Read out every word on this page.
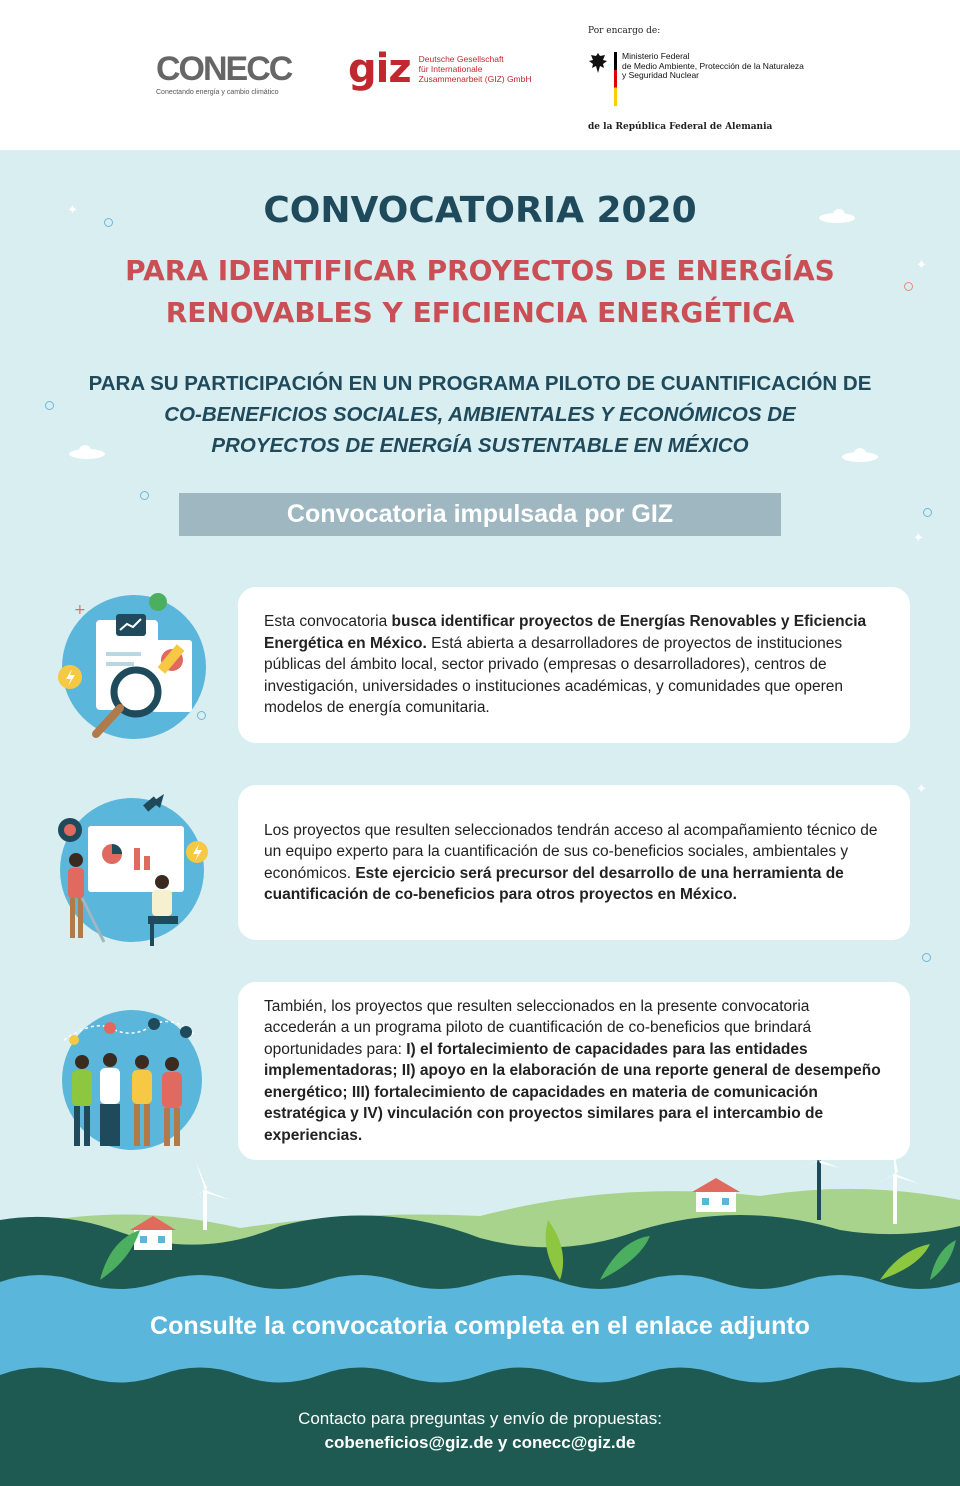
CONECC
Conectando energía y cambio climático
giz Deutsche Gesellschaft
für Internationale
Zusammenarbeit (GIZ) GmbH
Por encargo de:
Ministerio Federal
de Medio Ambiente, Protección de la Naturaleza
y Seguridad Nuclear
de la República Federal de Alemania
✦
✦
✦
✦
CONVOCATORIA 2020
PARA IDENTIFICAR PROYECTOS DE ENERGÍAS
RENOVABLES Y EFICIENCIA ENERGÉTICA
PARA SU PARTICIPACIÓN EN UN PROGRAMA PILOTO DE CUANTIFICACIÓN DE
CO-BENEFICIOS SOCIALES, AMBIENTALES Y ECONÓMICOS DE
PROYECTOS DE ENERGÍA SUSTENTABLE EN MÉXICO
Convocatoria impulsada por GIZ
+
Esta convocatoria busca identificar proyectos de Energías Renovables y Eficiencia Energética en México. Está abierta a desarrolladores de proyectos de instituciones públicas del ámbito local, sector privado (empresas o desarrolladores), centros de investigación, universidades o instituciones académicas, y comunidades que operen modelos de energía comunitaria.
Los proyectos que resulten seleccionados tendrán acceso al acompañamiento técnico de un equipo experto para la cuantificación de sus co-beneficios sociales, ambientales y económicos. Este ejercicio será precursor del desarrollo de una herramienta de cuantificación de co-beneficios para otros proyectos en México.
También, los proyectos que resulten seleccionados en la presente convocatoria accederán a un programa piloto de cuantificación de co-beneficios que brindará oportunidades para: I) el fortalecimiento de capacidades para las entidades implementadoras; II) apoyo en la elaboración de una reporte general de desempeño energético; III) fortalecimiento de capacidades en materia de comunicación estratégica y IV) vinculación con proyectos similares para el intercambio de experiencias.
Consulte la convocatoria completa en el enlace adjunto
Contacto para preguntas y envío de propuestas:
cobeneficios@giz.de y conecc@giz.de
